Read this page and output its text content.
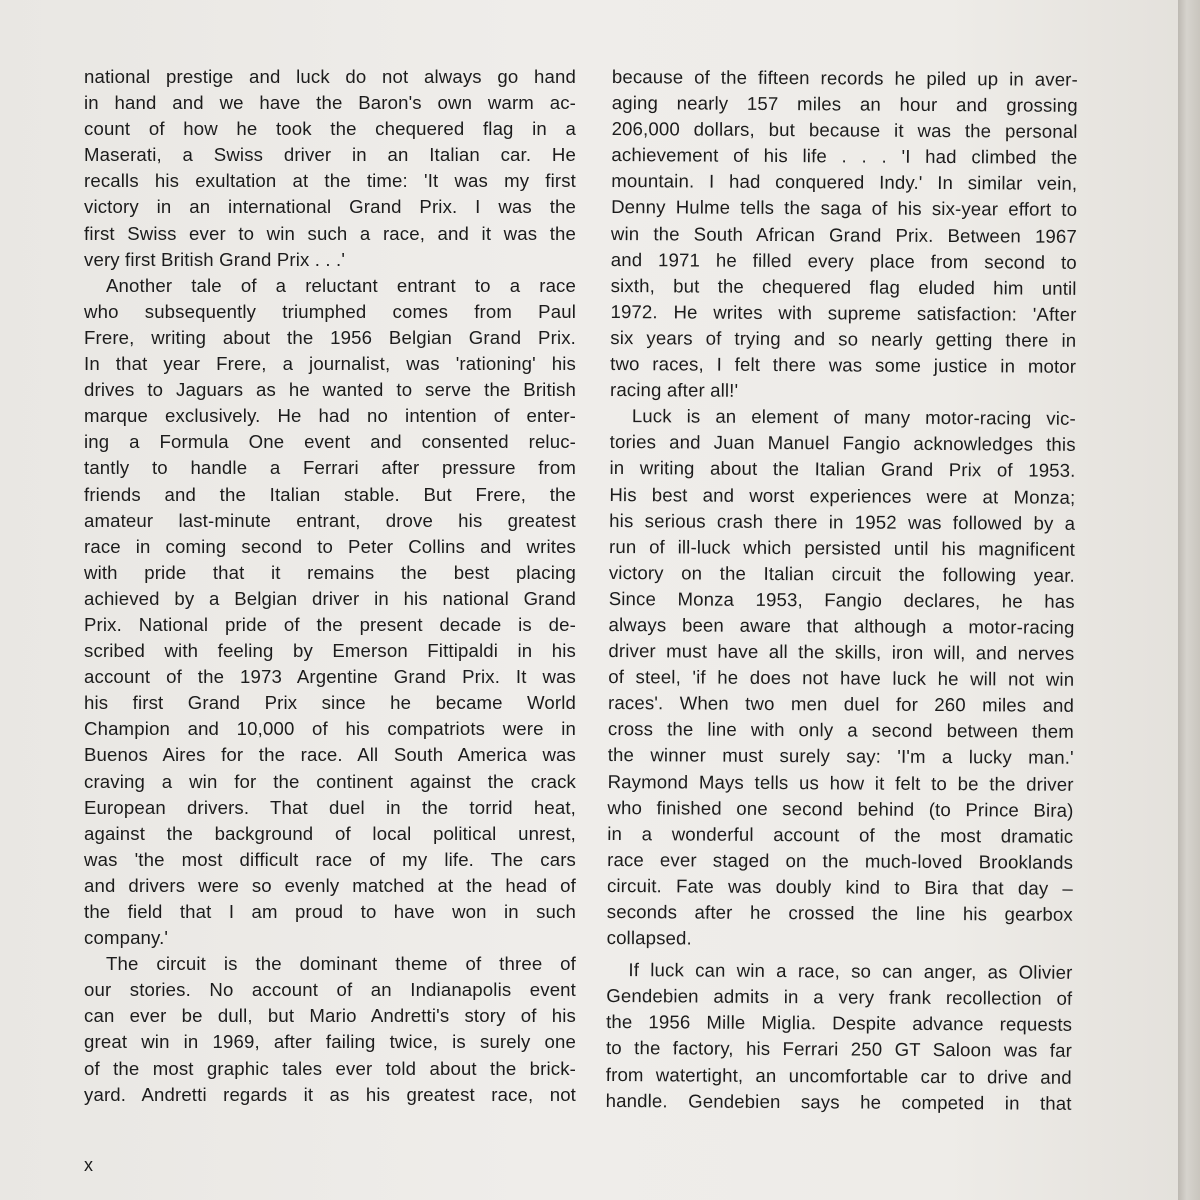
national prestige and luck do not always go hand
in hand and we have the Baron's own warm ac-
count of how he took the chequered flag in a
Maserati, a Swiss driver in an Italian car. He
recalls his exultation at the time: 'It was my first
victory in an international Grand Prix. I was the
first Swiss ever to win such a race, and it was the
very first British Grand Prix . . .'

Another tale of a reluctant entrant to a race
who subsequently triumphed comes from Paul
Frere, writing about the 1956 Belgian Grand Prix.
In that year Frere, a journalist, was 'rationing' his
drives to Jaguars as he wanted to serve the British
marque exclusively. He had no intention of enter-
ing a Formula One event and consented reluc-
tantly to handle a Ferrari after pressure from
friends and the Italian stable. But Frere, the
amateur last-minute entrant, drove his greatest
race in coming second to Peter Collins and writes
with pride that it remains the best placing
achieved by a Belgian driver in his national Grand
Prix. National pride of the present decade is de-
scribed with feeling by Emerson Fittipaldi in his
account of the 1973 Argentine Grand Prix. It was
his first Grand Prix since he became World
Champion and 10,000 of his compatriots were in
Buenos Aires for the race. All South America was
craving a win for the continent against the crack
European drivers. That duel in the torrid heat,
against the background of local political unrest,
was 'the most difficult race of my life. The cars
and drivers were so evenly matched at the head of
the field that I am proud to have won in such
company.'

The circuit is the dominant theme of three of
our stories. No account of an Indianapolis event
can ever be dull, but Mario Andretti's story of his
great win in 1969, after failing twice, is surely one
of the most graphic tales ever told about the brick-
yard. Andretti regards it as his greatest race, not

because of the fifteen records he piled up in aver-
aging nearly 157 miles an hour and grossing
206,000 dollars, but because it was the personal
achievement of his life . . . 'I had climbed the
mountain. I had conquered Indy.' In similar vein,
Denny Hulme tells the saga of his six-year effort to
win the South African Grand Prix. Between 1967
and 1971 he filled every place from second to
sixth, but the chequered flag eluded him until
1972. He writes with supreme satisfaction: 'After
six years of trying and so nearly getting there in
two races, I felt there was some justice in motor
racing after all!'

Luck is an element of many motor-racing vic-
tories and Juan Manuel Fangio acknowledges this
in writing about the Italian Grand Prix of 1953.
His best and worst experiences were at Monza;
his serious crash there in 1952 was followed by a
run of ill-luck which persisted until his magnificent
victory on the Italian circuit the following year.
Since Monza 1953, Fangio declares, he has
always been aware that although a motor-racing
driver must have all the skills, iron will, and nerves
of steel, 'if he does not have luck he will not win
races'. When two men duel for 260 miles and
cross the line with only a second between them
the winner must surely say: 'I'm a lucky man.'
Raymond Mays tells us how it felt to be the driver
who finished one second behind (to Prince Bira)
in a wonderful account of the most dramatic
race ever staged on the much-loved Brooklands
circuit. Fate was doubly kind to Bira that day –
seconds after he crossed the line his gearbox
collapsed.

If luck can win a race, so can anger, as Olivier
Gendebien admits in a very frank recollection of
the 1956 Mille Miglia. Despite advance requests
to the factory, his Ferrari 250 GT Saloon was far
from watertight, an uncomfortable car to drive and
handle. Gendebien says he competed in that

x
